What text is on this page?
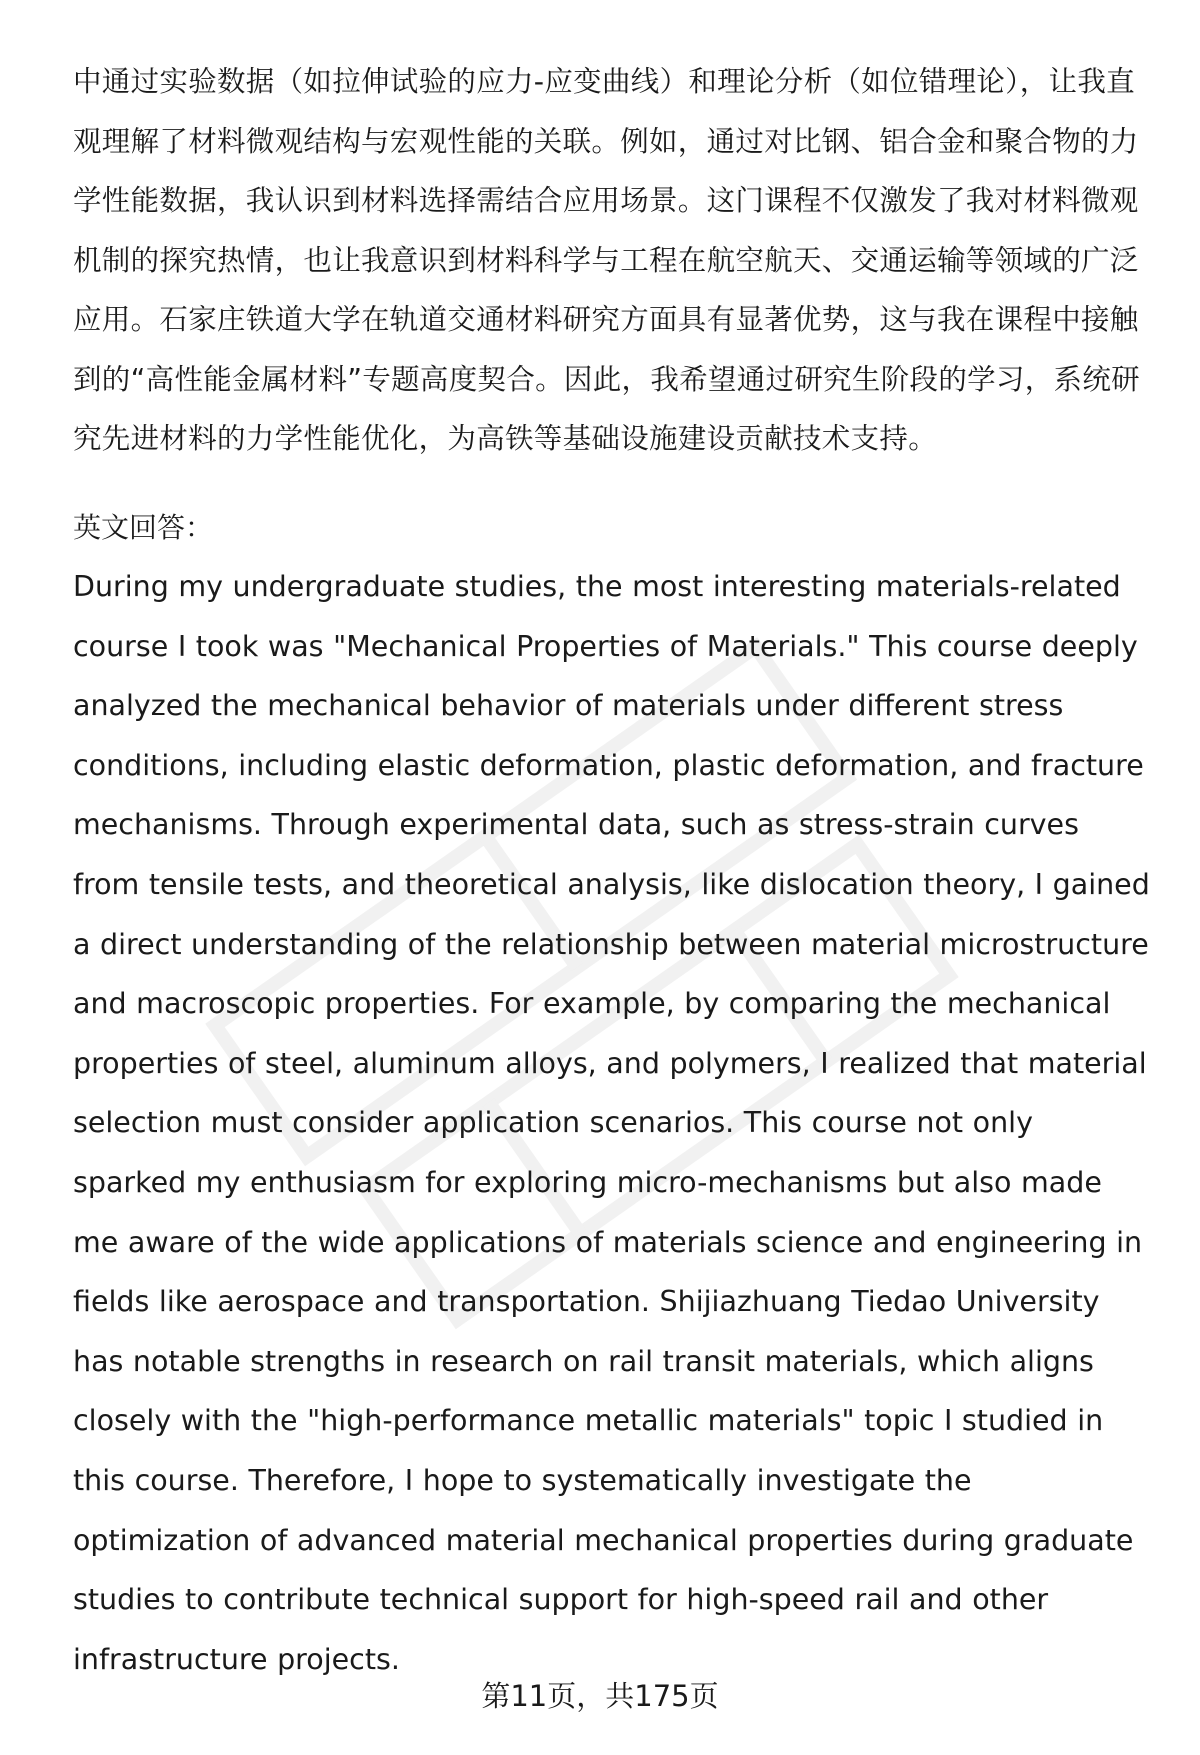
中通过实验数据（如拉伸试验的应力-应变曲线）和理论分析（如位错理论），让我直观理解了材料微观结构与宏观性能的关联。例如，通过对比钢、铝合金和聚合物的力学性能数据，我认识到材料选择需结合应用场景。这门课程不仅激发了我对材料微观机制的探究热情，也让我意识到材料科学与工程在航空航天、交通运输等领域的广泛应用。石家庄铁道大学在轨道交通材料研究方面具有显著优势，这与我在课程中接触到的“高性能金属材料”专题高度契合。因此，我希望通过研究生阶段的学习，系统研究先进材料的力学性能优化，为高铁等基础设施建设贡献技术支持。

英文回答：

During my undergraduate studies, the most interesting materials-related course I took was "Mechanical Properties of Materials." This course deeply analyzed the mechanical behavior of materials under different stress conditions, including elastic deformation, plastic deformation, and fracture mechanisms. Through experimental data, such as stress-strain curves from tensile tests, and theoretical analysis, like dislocation theory, I gained a direct understanding of the relationship between material microstructure and macroscopic properties. For example, by comparing the mechanical properties of steel, aluminum alloys, and polymers, I realized that material selection must consider application scenarios. This course not only sparked my enthusiasm for exploring micro-mechanisms but also made me aware of the wide applications of materials science and engineering in fields like aerospace and transportation. Shijiazhuang Tiedao University has notable strengths in research on rail transit materials, which aligns closely with the "high-performance metallic materials" topic I studied in this course. Therefore, I hope to systematically investigate the optimization of advanced material mechanical properties during graduate studies to contribute technical support for high-speed rail and other infrastructure projects.

第11页，共175页
